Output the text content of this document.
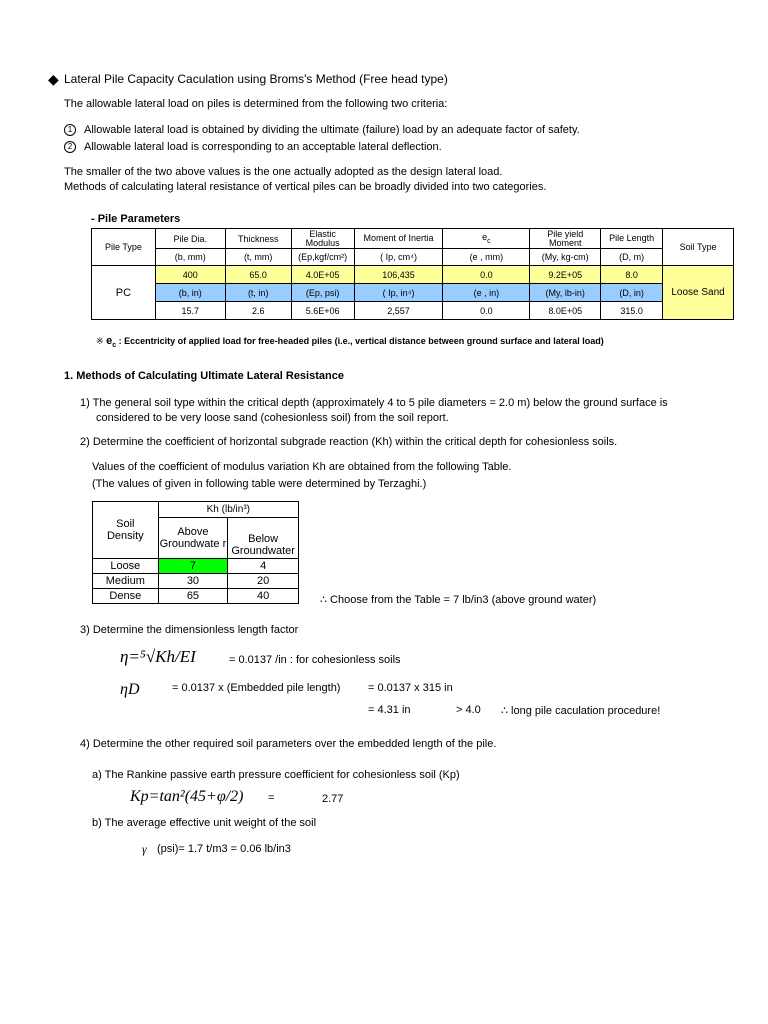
◆ Lateral Pile Capacity Caculation using Broms's Method (Free head type)
The allowable lateral load on piles is determined from the following two criteria:
1 Allowable lateral load is obtained by dividing the ultimate (failure) load by an adequate factor of safety.
2 Allowable lateral load is corresponding to an acceptable lateral deflection.
The smaller of the two above values is the one actually adopted as the design lateral load.
Methods of calculating lateral resistance of vertical piles can be broadly divided into two categories.
- Pile Parameters
Pile Type	Pile Dia.	Thickness	Elastic Modulus	Moment of Inertia	$e_c$	Pile yield Moment	Pile Length	Soil Type
	(b, mm)	(t, mm)	(Ep,kgf/cm²)	( Ip, cm⁴)	(e , mm)	(My, kg-cm)	(D, m)	
PC	400	65.0	4.0E+05	106,435	0.0	9.2E+05	8.0	Loose Sand
	(b, in)	(t, in)	(Ep, psi)	( Ip, in⁴)	(e , in)	(My, lb-in)	(D, in)	
	15.7	2.6	5.6E+06	2,557	0.0	8.0E+05	315.0	
※ $e_c$ : Eccentricity of applied load for free-headed piles (i.e., vertical distance between ground surface and lateral load)
1. Methods of Calculating Ultimate Lateral Resistance
1) The general soil type within the critical depth (approximately 4 to 5 pile diameters = 2.0 m) below the ground surface is
considered to be very loose sand (cohesionless soil) from the soil report.
2) Determine the coefficient of horizontal subgrade reaction (Kh) within the critical depth for cohesionless soils.
Values of the coefficient of modulus variation Kh are obtained from the following Table.
(The values of given in following table were determined by Terzaghi.)
Soil Density	Kh (lb/in³)	
	Above Groundwate r	Below Groundwater
Loose	7	4
Medium	30	20
Dense	65	40	∴ Choose from the Table = 7 lb/in3 (above ground water)
3) Determine the dimensionless length factor
η=⁵√Kh/EI	= 0.0137 /in : for cohesionless soils
ηD	= 0.0137 x (Embedded pile length)	= 0.0137 x 315 in
= 4.31 in	> 4.0 ∴ long pile caculation procedure!
4) Determine the other required soil parameters over the embedded length of the pile.
a) The Rankine passive earth pressure coefficient for cohesionless soil (Kp)
Kp=tan²(45+φ/2) =	2.77
b) The average effective unit weight of the soil
γ (psi)= 1.7 t/m3 = 0.06 lb/in3
